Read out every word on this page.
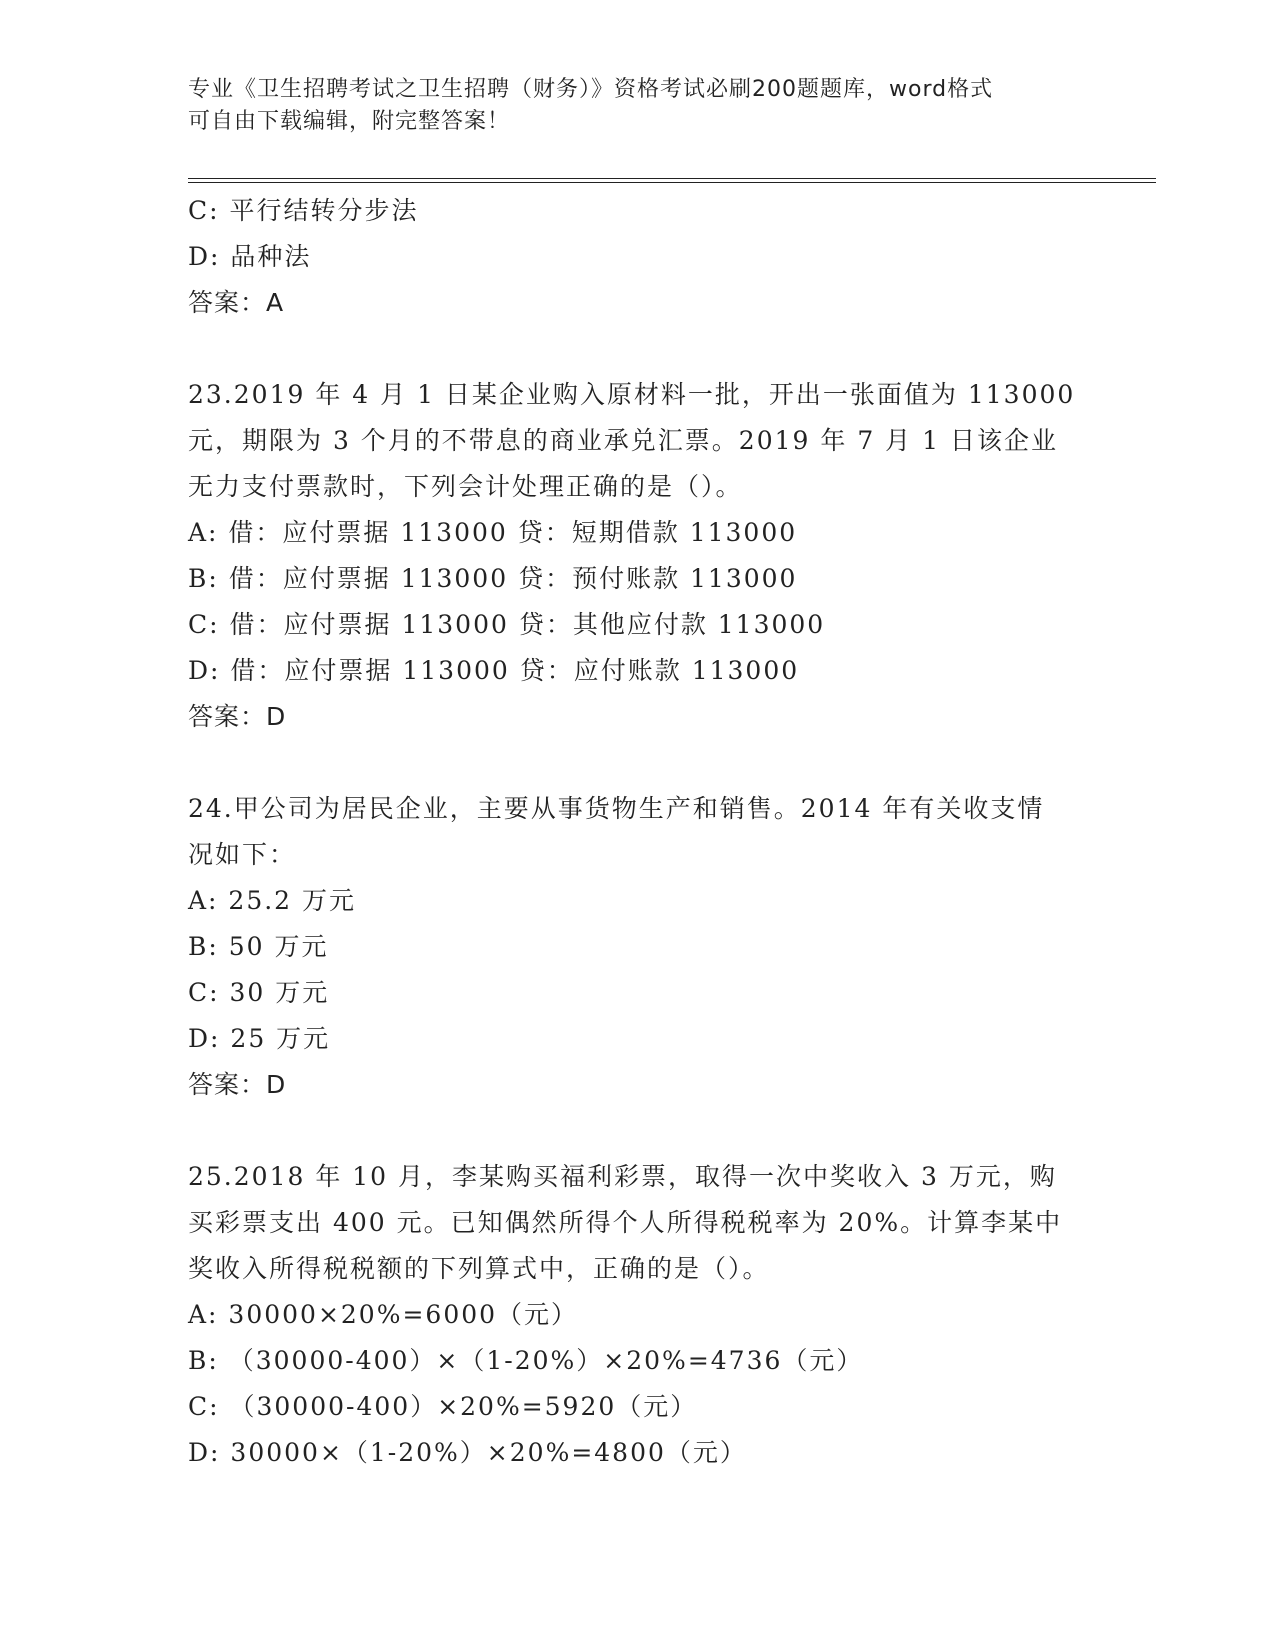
专业《卫生招聘考试之卫生招聘（财务）》资格考试必刷200题题库，word格式
可自由下载编辑，附完整答案！
C: 平行结转分步法
D: 品种法
答案：A
23.2019 年 4 月 1 日某企业购入原材料一批，开出一张面值为 113000
元，期限为 3 个月的不带息的商业承兑汇票。2019 年 7 月 1 日该企业
无力支付票款时，下列会计处理正确的是（）。
A: 借：应付票据 113000 贷：短期借款 113000
B: 借：应付票据 113000 贷：预付账款 113000
C: 借：应付票据 113000 贷：其他应付款 113000
D: 借：应付票据 113000 贷：应付账款 113000
答案：D
24.甲公司为居民企业，主要从事货物生产和销售。2014 年有关收支情
况如下：
A: 25.2 万元
B: 50 万元
C: 30 万元
D: 25 万元
答案：D
25.2018 年 10 月，李某购买福利彩票，取得一次中奖收入 3 万元，购
买彩票支出 400 元。已知偶然所得个人所得税税率为 20%。计算李某中
奖收入所得税税额的下列算式中，正确的是（）。
A: 30000×20%=6000（元）
B: （30000-400）×（1-20%）×20%=4736（元）
C: （30000-400）×20%=5920（元）
D: 30000×（1-20%）×20%=4800（元）
